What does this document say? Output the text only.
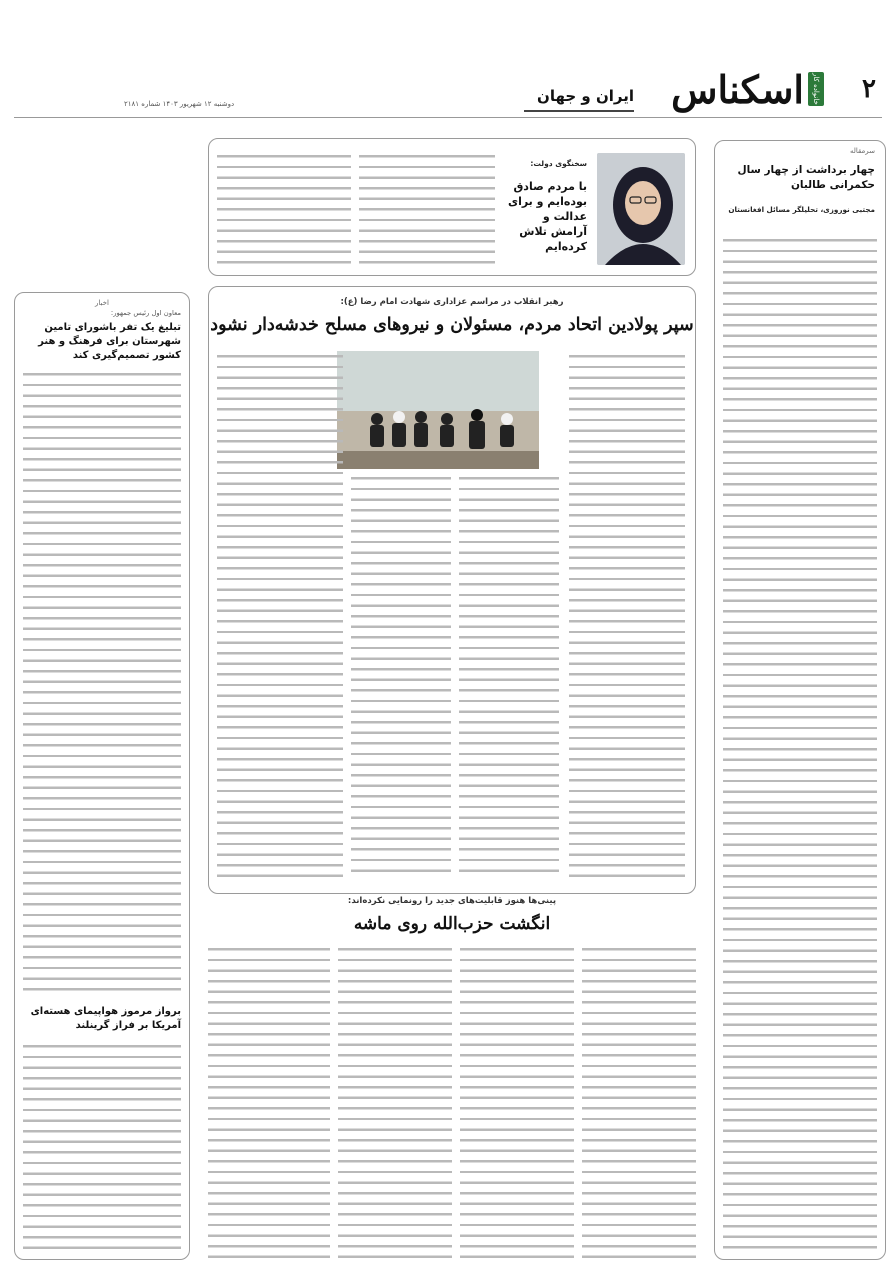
۲
خانواده کار
اسکناس
ایران و جهان
دوشنبه ۱۲ شهریور ۱۴۰۳ شماره ۲۱۸۱
سرمقاله
چهار برداشت از چهار سال حکمرانی طالبان
مجتبی نوروزی، تحلیلگر مسائل افغانستان
سخنگوی دولت:
با مردم صادق بوده‌ایم و برای عدالت و آرامش تلاش کرده‌ایم
اخبار
معاون اول رئیس جمهور:
تبلیغ یک تفر باشورای تامین شهرستان برای فرهنگ و هنر کشور تصمیم‌گیری کند
برواز مرموز هواپیمای هسته‌ای آمریکا بر فراز گرینلند
رهبر انقلاب در مراسم عزاداری شهادت امام رضا (ع):
سپر پولادین اتحاد مردم، مسئولان و نیروهای مسلح خدشه‌دار نشود
پینی‌ها هنوز قابلیت‌های جدید را رونمایی نکرده‌اند:
انگشت حزب‌الله روی ماشه
